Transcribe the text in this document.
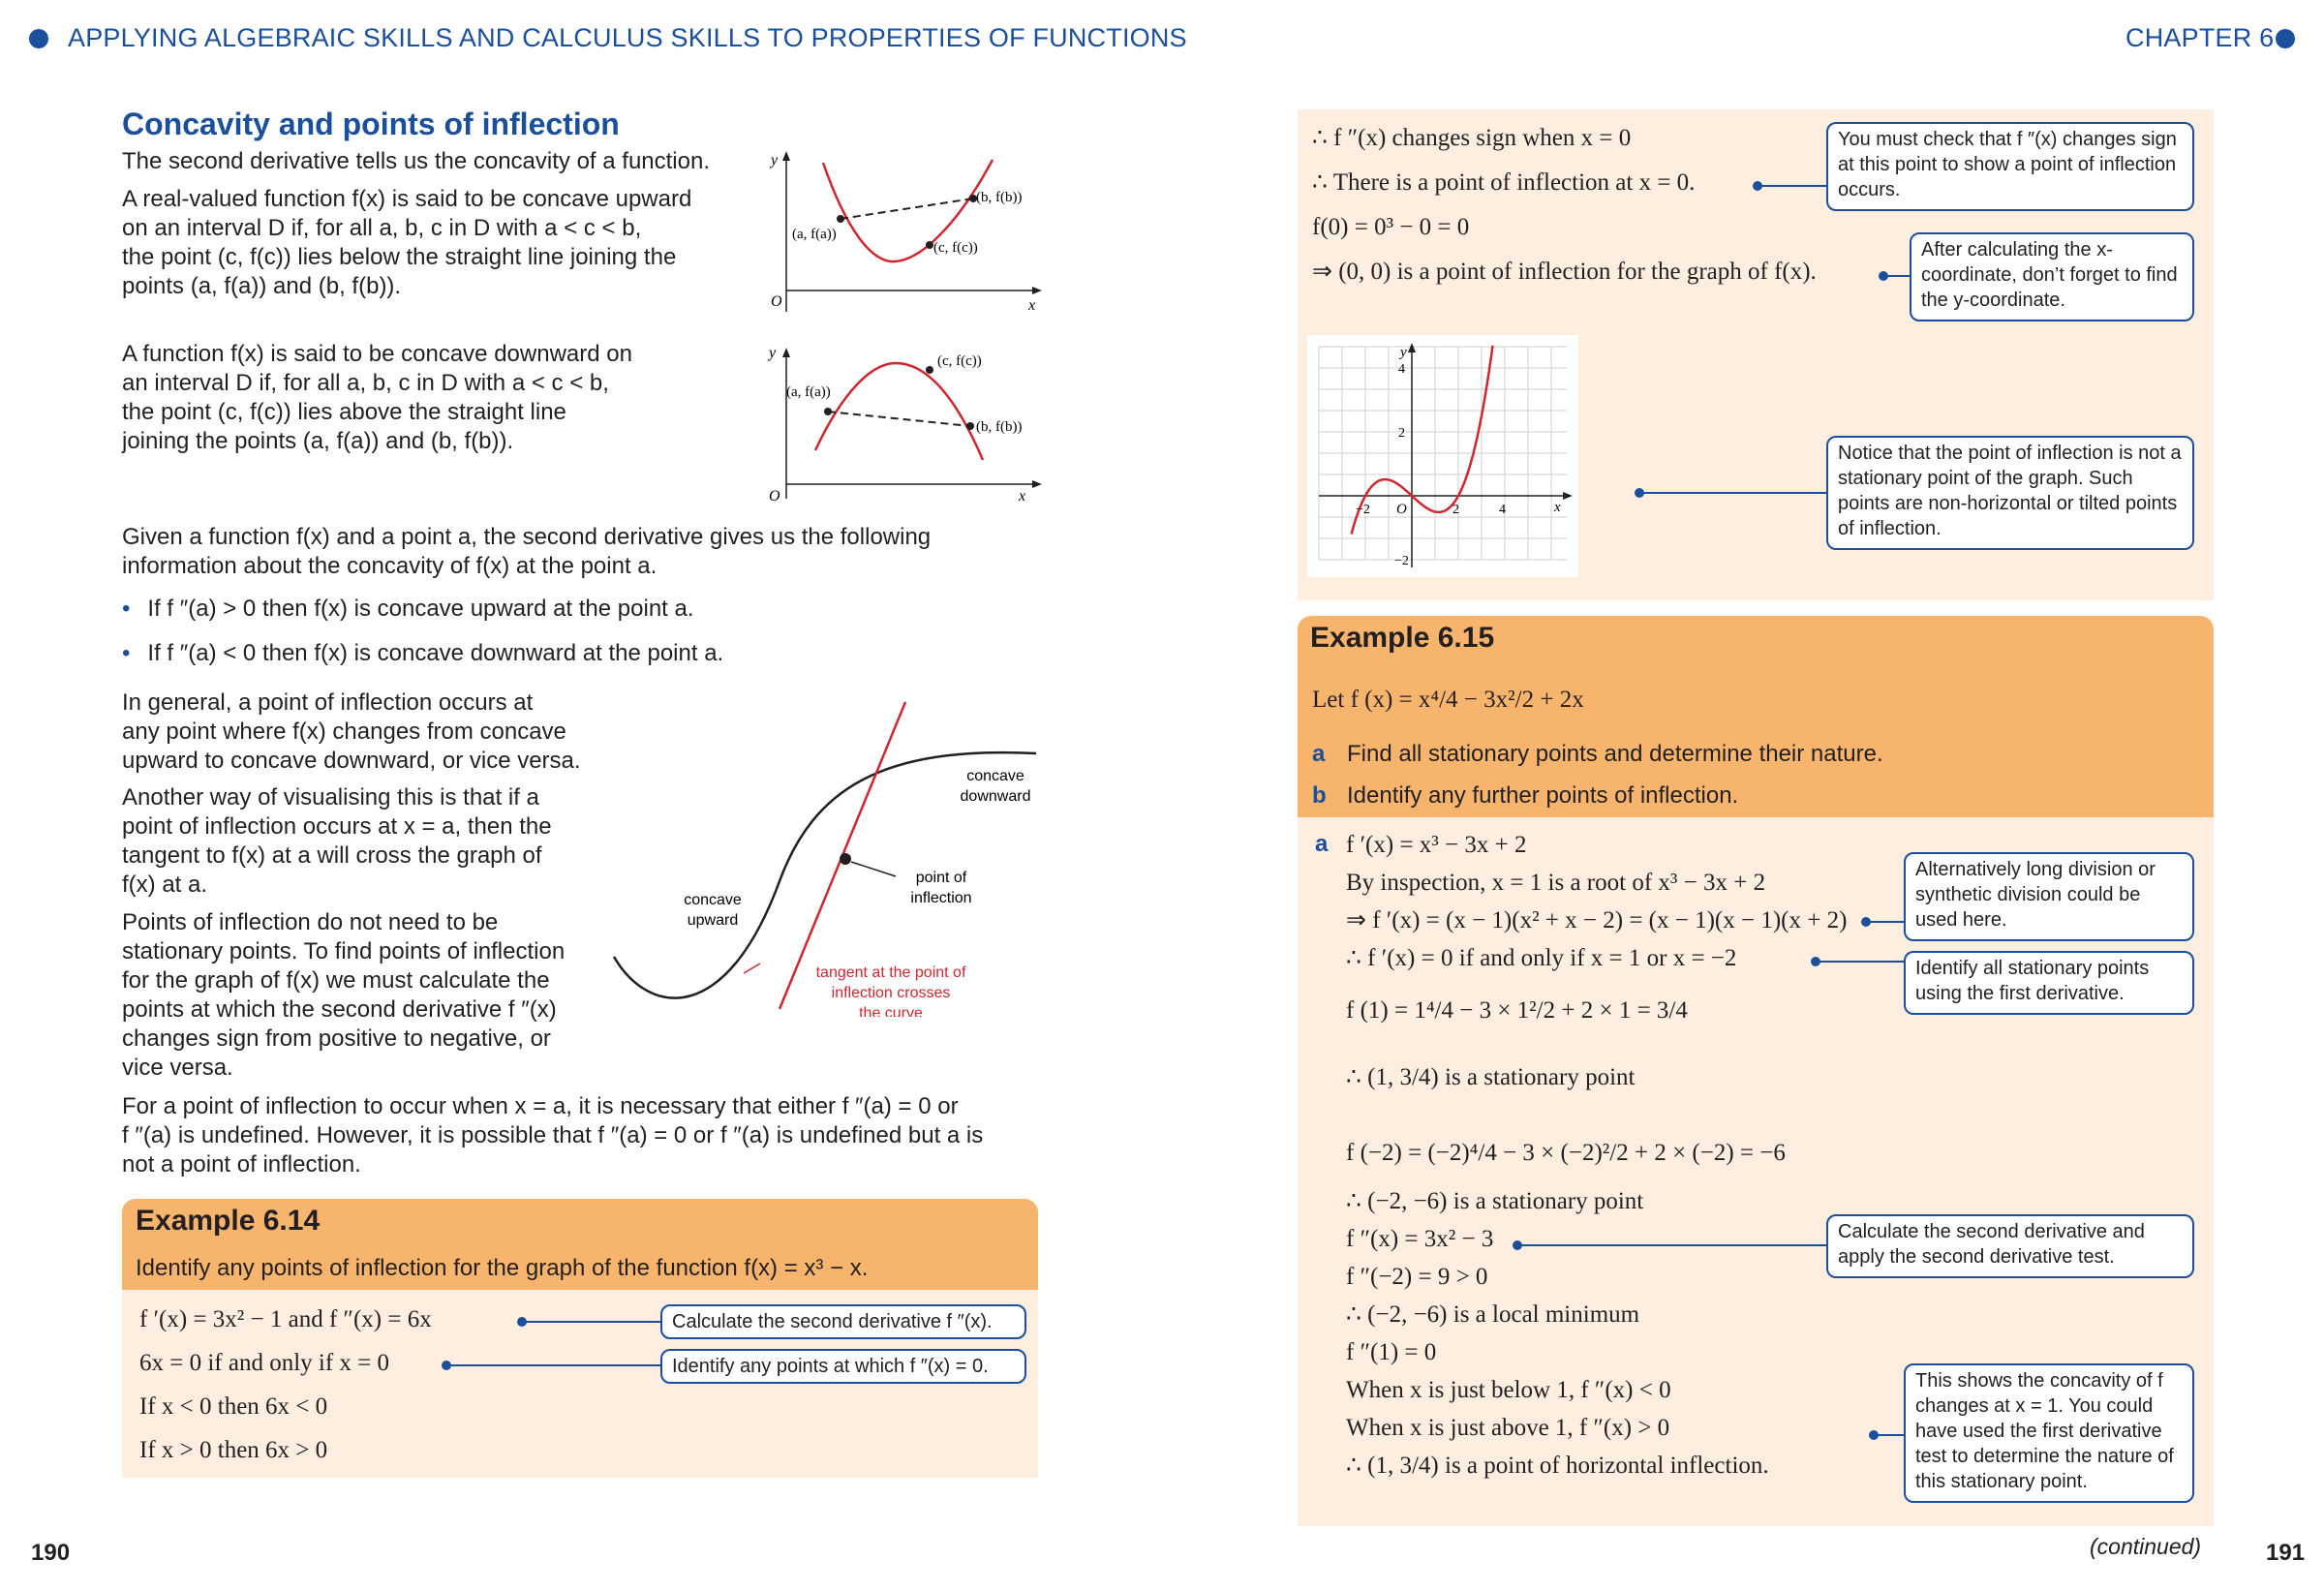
APPLYING ALGEBRAIC SKILLS AND CALCULUS SKILLS TO PROPERTIES OF FUNCTIONS	CHAPTER 6
Concavity and points of inflection
The second derivative tells us the concavity of a function.
A real-valued function f(x) is said to be concave upward
on an interval D if, for all a, b, c in D with a < c < b,
the point (c, f(c)) lies below the straight line joining the
points (a, f(a)) and (b, f(b)).
A function f(x) is said to be concave downward on
an interval D if, for all a, b, c in D with a < c < b,
the point (c, f(c)) lies above the straight line
joining the points (a, f(a)) and (b, f(b)).
y
x
O
(a, f(a))
(b, f(b))
(c, f(c))
y
x
O
(a, f(a))
(b, f(b))
(c, f(c))
Given a function f(x) and a point a, the second derivative gives us the following
information about the concavity of f(x) at the point a.
• If f ″(a) > 0 then f(x) is concave upward at the point a.
• If f ″(a) < 0 then f(x) is concave downward at the point a.
In general, a point of inflection occurs at
any point where f(x) changes from concave
upward to concave downward, or vice versa.
Another way of visualising this is that if a
point of inflection occurs at x = a, then the
tangent to f(x) at a will cross the graph of
f(x) at a.
Points of inflection do not need to be
stationary points. To find points of inflection
for the graph of f(x) we must calculate the
points at which the second derivative f ″(x)
changes sign from positive to negative, or
vice versa.
concave
downward
concave
upward
point of
inflection
tangent at the point of
inflection crosses
the curve
For a point of inflection to occur when x = a, it is necessary that either f ″(a) = 0 or
f ″(a) is undefined. However, it is possible that f ″(a) = 0 or f ″(a) is undefined but a is
not a point of inflection.
Example 6.14
Identify any points of inflection for the graph of the function f(x) = x³ − x.
f ′(x) = 3x² − 1 and f ″(x) = 6x
6x = 0 if and only if x = 0
If x < 0 then 6x < 0
If x > 0 then 6x > 0
Calculate the second derivative f ″(x).
Identify any points at which f ″(x) = 0.
190
∴ f ″(x) changes sign when x = 0
∴ There is a point of inflection at x = 0.
f(0) = 0³ − 0 = 0
⇒ (0, 0) is a point of inflection for the graph of f(x).
You must check that f ″(x) changes sign at this point to show a point of inflection occurs.
After calculating the x-coordinate, don’t forget to find the y-coordinate.
y
x
O
−2	2	4
4
2
−2
Notice that the point of inflection is not a stationary point of the graph. Such points are non-horizontal or tilted points of inflection.
Example 6.15
Let f (x) = x⁴/4 − 3x²/2 + 2x
a Find all stationary points and determine their nature.
b Identify any further points of inflection.
a f ′(x) = x³ − 3x + 2
By inspection, x = 1 is a root of x³ − 3x + 2
⇒ f ′(x) = (x − 1)(x² + x − 2) = (x − 1)(x − 1)(x + 2)
∴ f ′(x) = 0 if and only if x = 1 or x = −2
f (1) = 1⁴/4 − 3 × 1²/2 + 2 × 1 = 3/4
∴ (1, 3/4) is a stationary point
f (−2) = (−2)⁴/4 − 3 × (−2)²/2 + 2 × (−2) = −6
∴ (−2, −6) is a stationary point
f ″(x) = 3x² − 3
f ″(−2) = 9 > 0
∴ (−2, −6) is a local minimum
f ″(1) = 0
When x is just below 1, f ″(x) < 0
When x is just above 1, f ″(x) > 0
∴ (1, 3/4) is a point of horizontal inflection.
Alternatively long division or synthetic division could be used here.
Identify all stationary points using the first derivative.
Calculate the second derivative and apply the second derivative test.
This shows the concavity of f changes at x = 1. You could have used the first derivative test to determine the nature of this stationary point.
(continued)	191
